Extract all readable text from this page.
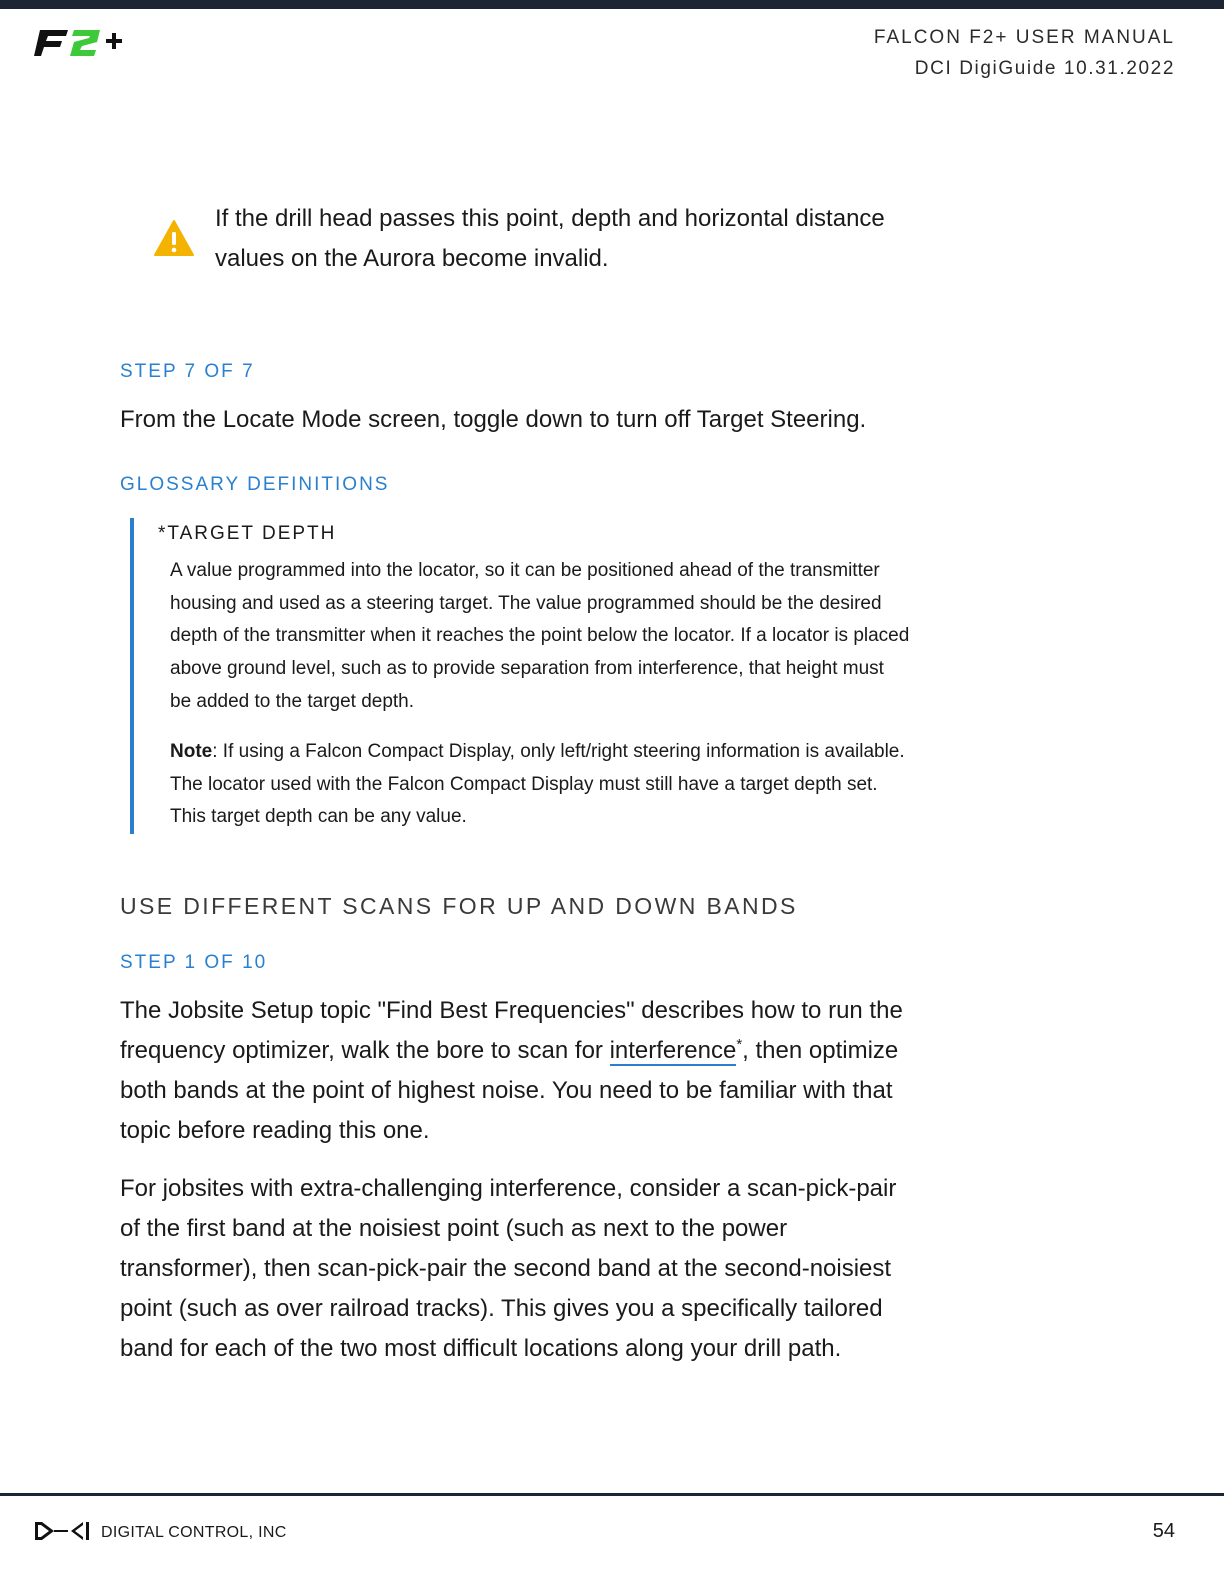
FALCON F2+ USER MANUAL
DCI DigiGuide 10.31.2022
If the drill head passes this point, depth and horizontal distance values on the Aurora become invalid.
STEP 7 OF 7
From the Locate Mode screen, toggle down to turn off Target Steering.
GLOSSARY DEFINITIONS
*TARGET DEPTH
A value programmed into the locator, so it can be positioned ahead of the transmitter housing and used as a steering target. The value programmed should be the desired depth of the transmitter when it reaches the point below the locator. If a locator is placed above ground level, such as to provide separation from interference, that height must be added to the target depth.
Note: If using a Falcon Compact Display, only left/right steering information is available. The locator used with the Falcon Compact Display must still have a target depth set. This target depth can be any value.
USE DIFFERENT SCANS FOR UP AND DOWN BANDS
STEP 1 OF 10
The Jobsite Setup topic "Find Best Frequencies" describes how to run the frequency optimizer, walk the bore to scan for interference*, then optimize both bands at the point of highest noise. You need to be familiar with that topic before reading this one.
For jobsites with extra-challenging interference, consider a scan-pick-pair of the first band at the noisiest point (such as next to the power transformer), then scan-pick-pair the second band at the second-noisiest point (such as over railroad tracks). This gives you a specifically tailored band for each of the two most difficult locations along your drill path.
DIGITAL CONTROL, INC	54
